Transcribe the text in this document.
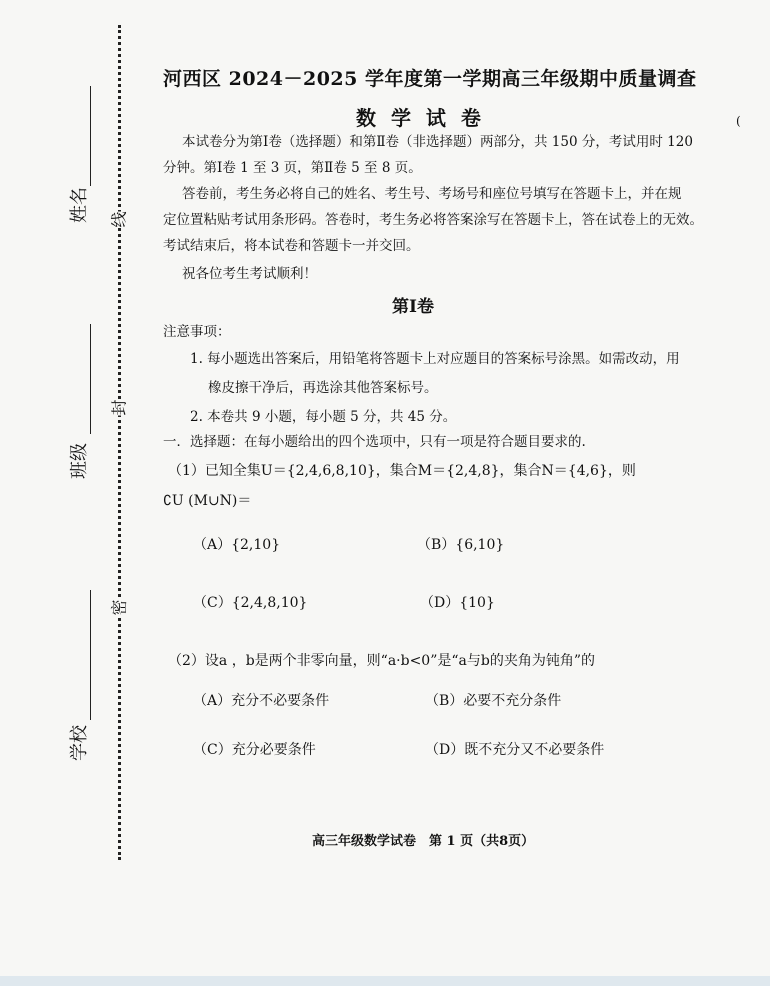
姓名
班级
学校
线
封
密
河西区 2024－2025 学年度第一学期高三年级期中质量调查
数 学 试 卷
本试卷分为第Ⅰ卷（选择题）和第Ⅱ卷（非选择题）两部分，共 150 分，考试用时 120
分钟。第Ⅰ卷 1 至 3 页，第Ⅱ卷 5 至 8 页。
答卷前，考生务必将自己的姓名、考生号、考场号和座位号填写在答题卡上，并在规
定位置粘贴考试用条形码。答卷时，考生务必将答案涂写在答题卡上，答在试卷上的无效。
考试结束后，将本试卷和答题卡一并交回。
祝各位考生考试顺利！
第Ⅰ卷
注意事项：
1. 每小题选出答案后，用铅笔将答题卡上对应题目的答案标号涂黑。如需改动，用
橡皮擦干净后，再选涂其他答案标号。
2. 本卷共 9 小题，每小题 5 分，共 45 分。
一．选择题：在每小题给出的四个选项中，只有一项是符合题目要求的.
（1）已知全集U＝{2,4,6,8,10}，集合M＝{2,4,8}，集合N＝{4,6}，则
∁U (M∪N)＝
（A）{2,10}	（B）{6,10}
（C）{2,4,8,10}	（D）{10}
（2）设a ，b是两个非零向量，则“a·b<0”是“a与b的夹角为钝角”的
（A）充分不必要条件	（B）必要不充分条件
（C）充分必要条件	（D）既不充分又不必要条件
高三年级数学试卷　第 1 页（共8页）
(
